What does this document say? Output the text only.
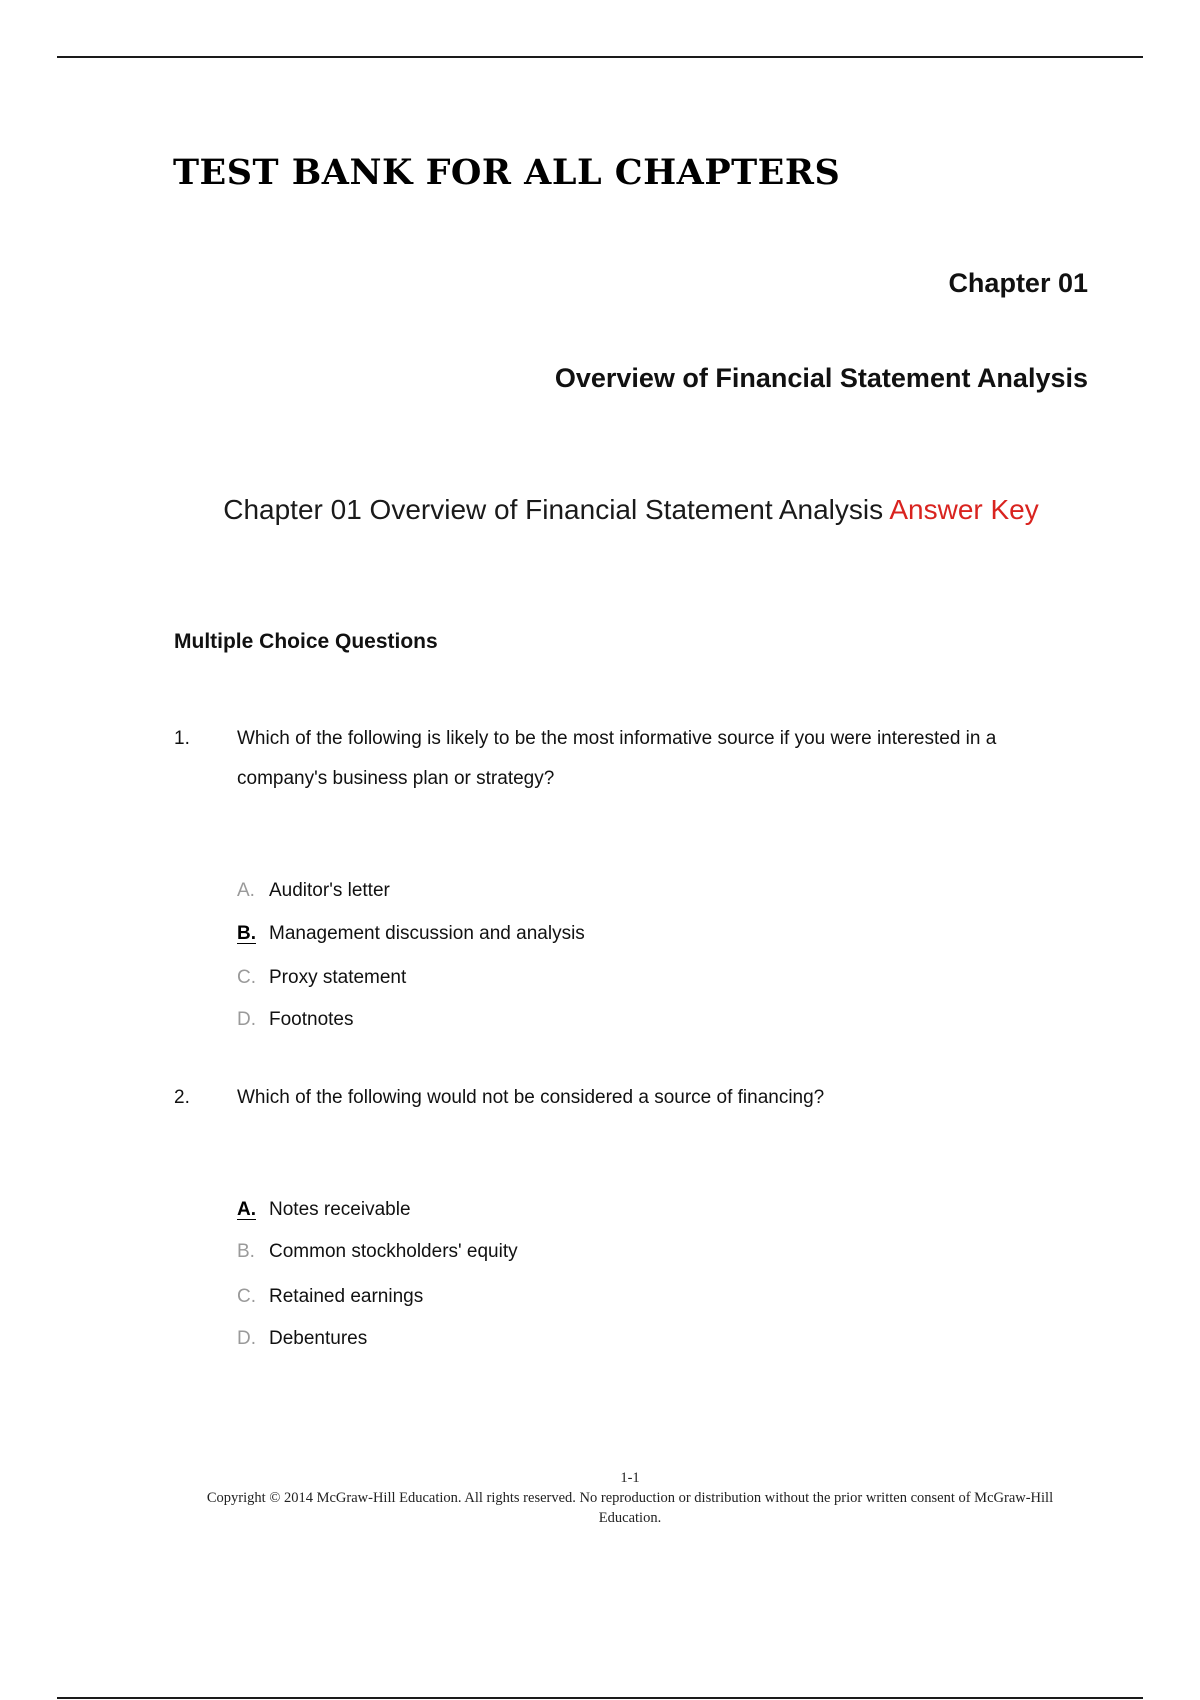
TEST BANK FOR ALL CHAPTERS
Chapter 01
Overview of Financial Statement Analysis
Chapter 01 Overview of Financial Statement Analysis Answer Key
Multiple Choice Questions
1. Which of the following is likely to be the most informative source if you were interested in a company's business plan or strategy?
A. Auditor's letter
B. Management discussion and analysis
C. Proxy statement
D. Footnotes
2. Which of the following would not be considered a source of financing?
A. Notes receivable
B. Common stockholders' equity
C. Retained earnings
D. Debentures
1-1
Copyright © 2014 McGraw-Hill Education. All rights reserved. No reproduction or distribution without the prior written consent of McGraw-Hill Education.
